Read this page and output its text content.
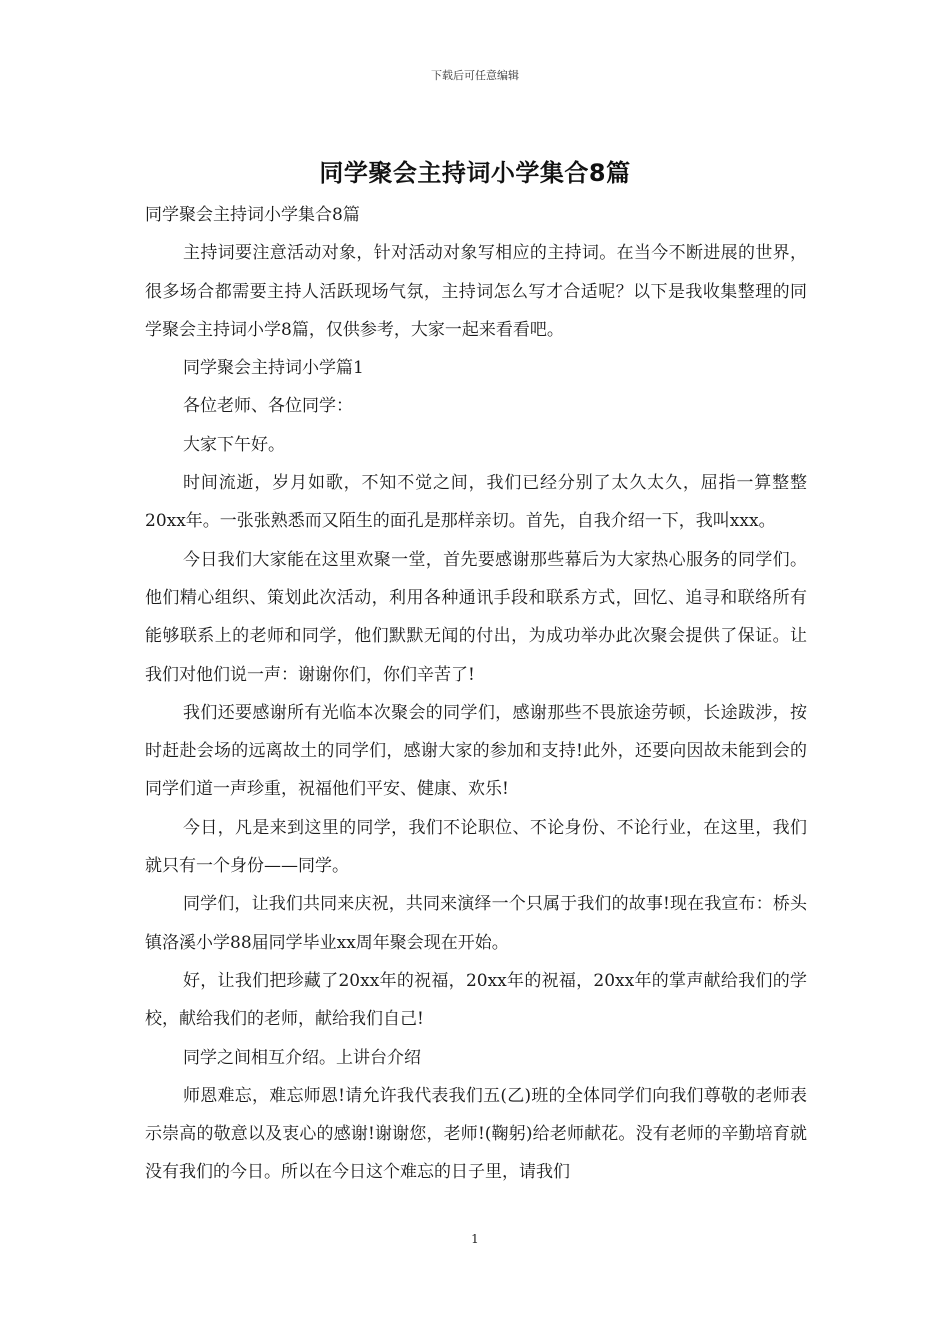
下载后可任意编辑
同学聚会主持词小学集合8篇

同学聚会主持词小学集合8篇

主持词要注意活动对象，针对活动对象写相应的主持词。在当今不断进展的世界，很多场合都需要主持人活跃现场气氛，主持词怎么写才合适呢？以下是我收集整理的同学聚会主持词小学8篇，仅供参考，大家一起来看看吧。

同学聚会主持词小学篇1

各位老师、各位同学：

大家下午好。

时间流逝，岁月如歌，不知不觉之间，我们已经分别了太久太久，屈指一算整整20xx年。一张张熟悉而又陌生的面孔是那样亲切。首先，自我介绍一下，我叫xxx。

今日我们大家能在这里欢聚一堂，首先要感谢那些幕后为大家热心服务的同学们。他们精心组织、策划此次活动，利用各种通讯手段和联系方式，回忆、追寻和联络所有能够联系上的老师和同学，他们默默无闻的付出，为成功举办此次聚会提供了保证。让我们对他们说一声：谢谢你们，你们辛苦了!

我们还要感谢所有光临本次聚会的同学们，感谢那些不畏旅途劳顿，长途跋涉，按时赶赴会场的远离故土的同学们，感谢大家的参加和支持!此外，还要向因故未能到会的同学们道一声珍重，祝福他们平安、健康、欢乐!

今日，凡是来到这里的同学，我们不论职位、不论身份、不论行业，在这里，我们就只有一个身份——同学。

同学们，让我们共同来庆祝，共同来演绎一个只属于我们的故事!现在我宣布：桥头镇洛溪小学88届同学毕业xx周年聚会现在开始。

好，让我们把珍藏了20xx年的祝福，20xx年的祝福，20xx年的掌声献给我们的学校，献给我们的老师，献给我们自己!

同学之间相互介绍。上讲台介绍

师恩难忘，难忘师恩!请允许我代表我们五(乙)班的全体同学们向我们尊敬的老师表示崇高的敬意以及衷心的感谢!谢谢您，老师!(鞠躬)给老师献花。没有老师的辛勤培育就没有我们的今日。所以在今日这个难忘的日子里，请我们

1
